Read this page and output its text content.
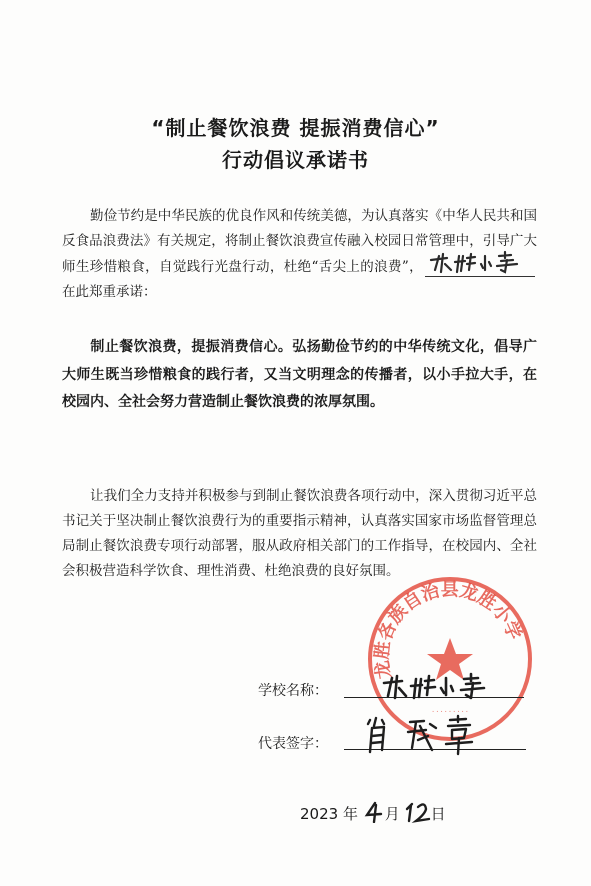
“制止餐饮浪费 提振消费信心”
行动倡议承诺书
勤俭节约是中华民族的优良作风和传统美德，为认真落实《中华人民共和国反食品浪费法》有关规定，将制止餐饮浪费宣传融入校园日常管理中，引导广大师生珍惜粮食，自觉践行光盘行动，杜绝“舌尖上的浪费”，
在此郑重承诺：
制止餐饮浪费，提振消费信心。弘扬勤俭节约的中华传统文化，倡导广大师生既当珍惜粮食的践行者，又当文明理念的传播者，以小手拉大手，在校园内、全社会努力营造制止餐饮浪费的浓厚氛围。
让我们全力支持并积极参与到制止餐饮浪费各项行动中，深入贯彻习近平总书记关于坚决制止餐饮浪费行为的重要指示精神，认真落实国家市场监督管理总局制止餐饮浪费专项行动部署，服从政府相关部门的工作指导，在校园内、全社会积极营造科学饮食、理性消费、杜绝浪费的良好氛围。
龙胜各族自治县龙胜小学
·········
学校名称：
代表签字：
2023 年 月 日
